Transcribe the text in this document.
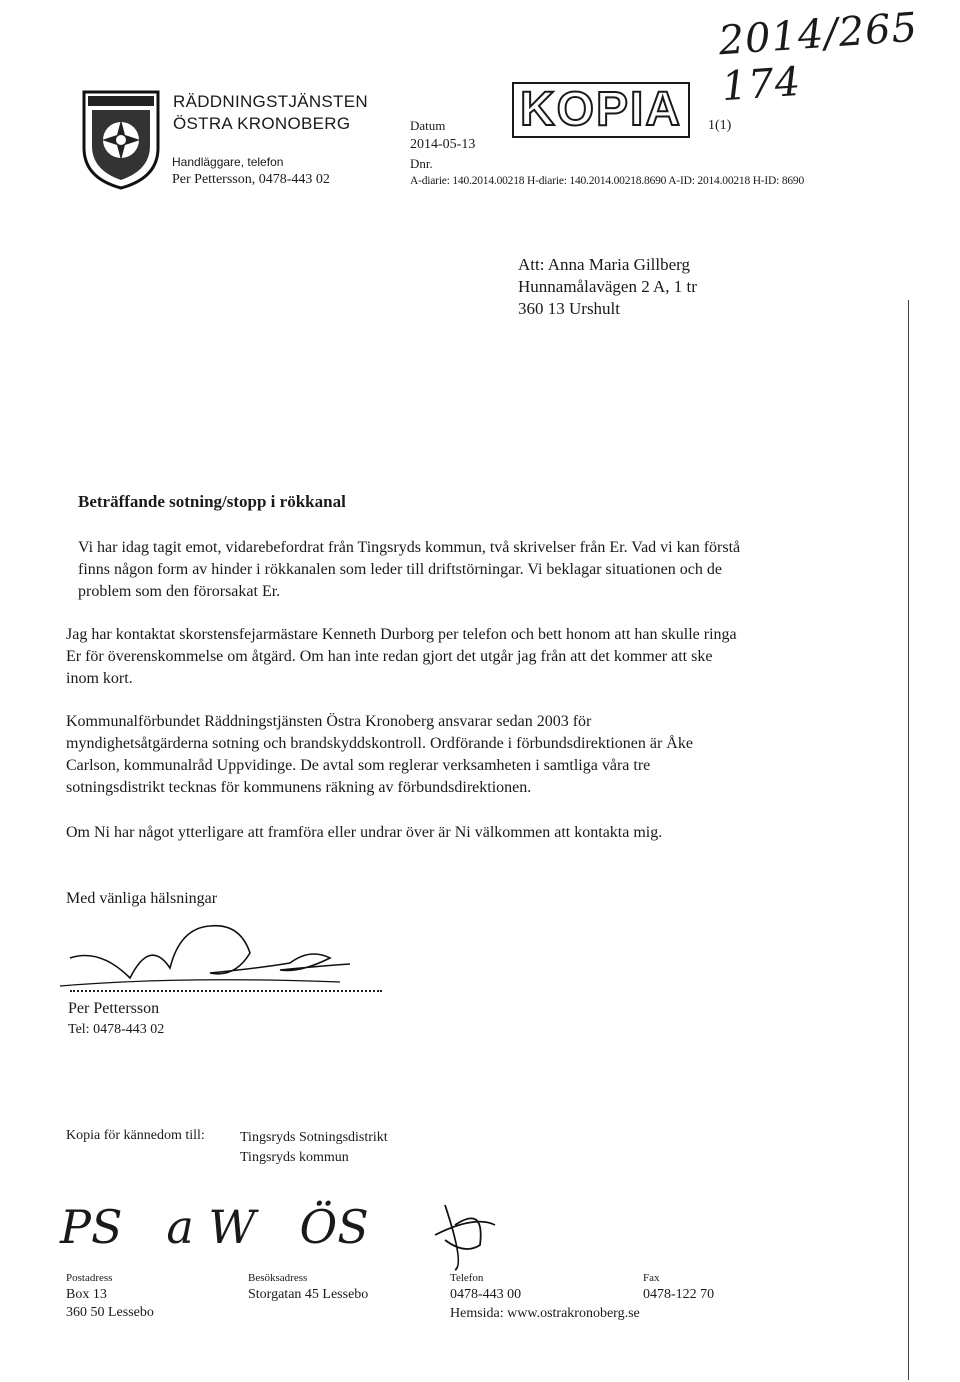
2014/265 174
RÄDDNINGSTJÄNSTEN
ÖSTRA KRONOBERG
Handläggare, telefon
Per Pettersson, 0478-443 02
Datum
2014-05-13
Dnr.
A-diarie: 140.2014.00218 H-diarie: 140.2014.00218.8690 A-ID: 2014.00218 H-ID: 8690
KOPIA	1(1)
Att: Anna Maria Gillberg
Hunnamålavägen 2 A, 1 tr
360 13 Urshult
Beträffande sotning/stopp i rökkanal
Vi har idag tagit emot, vidarebefordrat från Tingsryds kommun, två skrivelser från Er. Vad vi kan förstå
finns någon form av hinder i rökkanalen som leder till driftstörningar. Vi beklagar situationen och de
problem som den förorsakat Er.
Jag har kontaktat skorstensfejarmästare Kenneth Durborg per telefon och bett honom att han skulle ringa
Er för överenskommelse om åtgärd. Om han inte redan gjort det utgår jag från att det kommer att ske
inom kort.
Kommunalförbundet Räddningstjänsten Östra Kronoberg ansvarar sedan 2003 för
myndighetsåtgärderna sotning och brandskyddskontroll. Ordförande i förbundsdirektionen är Åke
Carlson, kommunalråd Uppvidinge. De avtal som reglerar verksamheten i samtliga våra tre
sotningsdistrikt tecknas för kommunens räkning av förbundsdirektionen.
Om Ni har något ytterligare att framföra eller undrar över är Ni välkommen att kontakta mig.
Med vänliga hälsningar
Per Pettersson
Tel: 0478-443 02
Kopia för kännedom till:	Tingsryds Sotningsdistrikt
Tingsryds kommun
PS   a W   ÖS
Postadress
Box 13
360 50 Lessebo
Besöksadress
Storgatan 45 Lessebo
Telefon
0478-443 00
Hemsida: www.ostrakronoberg.se
Fax
0478-122 70
